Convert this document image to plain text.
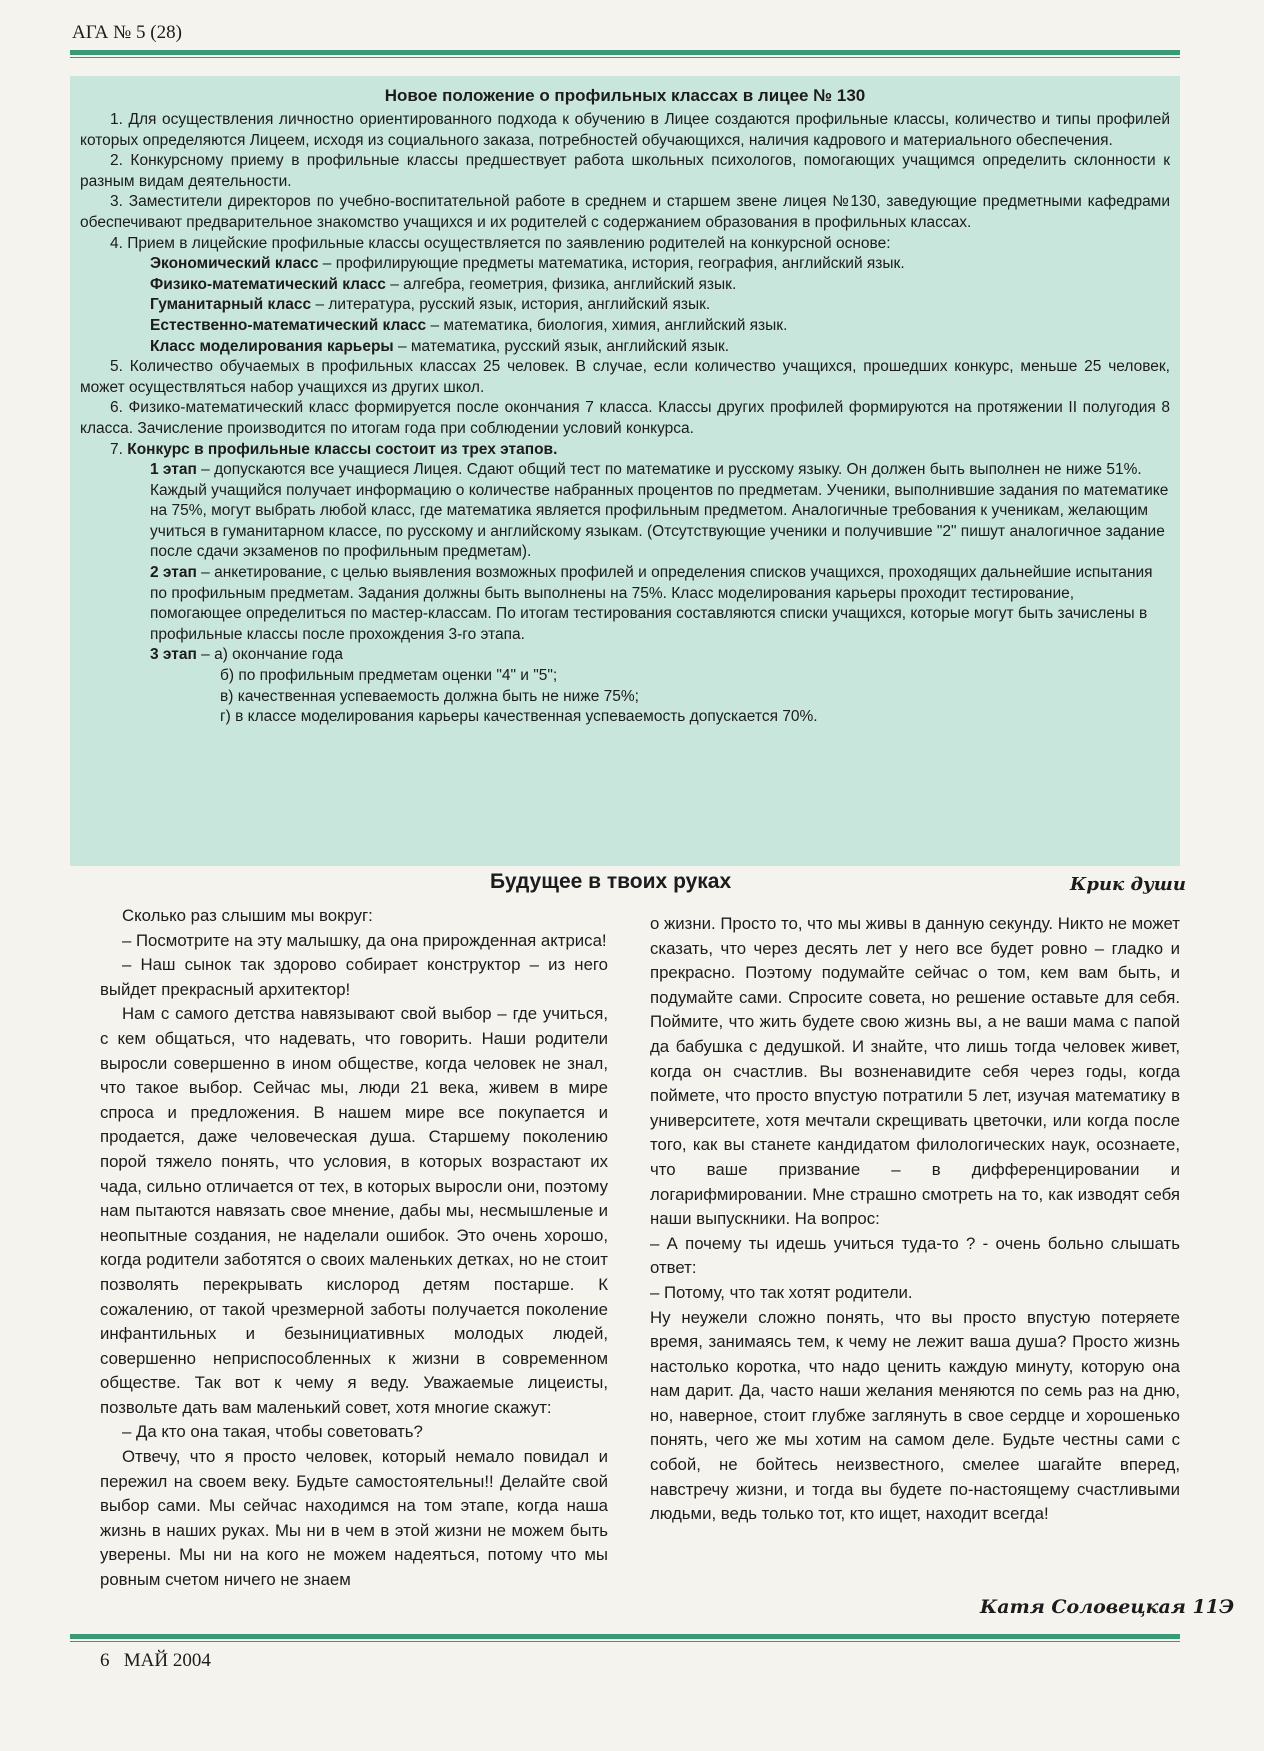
АГА № 5 (28)
Новое положение о профильных классах в лицее № 130

1. Для осуществления личностно ориентированного подхода к обучению в Лицее создаются профильные классы, количество и типы профилей которых определяются Лицеем, исходя из социального заказа, потребностей обучающихся, наличия кадрового и материального обеспечения.

2. Конкурсному приему в профильные классы предшествует работа школьных психологов, помогающих учащимся определить склонности к разным видам деятельности.

3. Заместители директоров по учебно-воспитательной работе в среднем и старшем звене лицея №130, заведующие предметными кафедрами обеспечивают предварительное знакомство учащихся и их родителей с содержанием образования в профильных классах.

4. Прием в лицейские профильные классы осуществляется по заявлению родителей на конкурсной основе:

Экономический класс – профилирующие предметы математика, история, география, английский язык.

Физико-математический класс – алгебра, геометрия, физика, английский язык.

Гуманитарный класс – литература, русский язык, история, английский язык.

Естественно-математический класс – математика, биология, химия, английский язык.

Класс моделирования карьеры – математика, русский язык, английский язык.

5. Количество обучаемых в профильных классах 25 человек. В случае, если количество учащихся, прошедших конкурс, меньше 25 человек, может осуществляться набор учащихся из других школ.

6. Физико-математический класс формируется после окончания 7 класса. Классы других профилей формируются на протяжении II полугодия 8 класса. Зачисление производится по итогам года при соблюдении условий конкурса.

7. Конкурс в профильные классы состоит из трех этапов.

1 этап – допускаются все учащиеся Лицея. Сдают общий тест по математике и русскому языку. Он должен быть выполнен не ниже 51%. Каждый учащийся получает информацию о количестве набранных процентов по предметам. Ученики, выполнившие задания по математике на 75%, могут выбрать любой класс, где математика является профильным предметом. Аналогичные требования к ученикам, желающим учиться в гуманитарном классе, по русскому и английскому языкам. (Отсутствующие ученики и получившие "2" пишут аналогичное задание после сдачи экзаменов по профильным предметам).

2 этап – анкетирование, с целью выявления возможных профилей и определения списков учащихся, проходящих дальнейшие испытания по профильным предметам. Задания должны быть выполнены на 75%. Класс моделирования карьеры проходит тестирование, помогающее определиться по мастер-классам. По итогам тестирования составляются списки учащихся, которые могут быть зачислены в профильные классы после прохождения 3-го этапа.

3 этап – а) окончание года

б) по профильным предметам оценки "4" и "5";

в) качественная успеваемость должна быть не ниже 75%;

г) в классе моделирования карьеры качественная успеваемость допускается 70%.

Будущее в твоих руках	Крик души

Сколько раз слышим мы вокруг:

– Посмотрите на эту малышку, да она прирожденная актриса!

– Наш сынок так здорово собирает конструктор – из него выйдет прекрасный архитектор!

Нам с самого детства навязывают свой выбор – где учиться, с кем общаться, что надевать, что говорить. Наши родители выросли совершенно в ином обществе, когда человек не знал, что такое выбор. Сейчас мы, люди 21 века, живем в мире спроса и предложения. В нашем мире все покупается и продается, даже человеческая душа. Старшему поколению порой тяжело понять, что условия, в которых возрастают их чада, сильно отличается от тех, в которых выросли они, поэтому нам пытаются навязать свое мнение, дабы мы, несмышленые и неопытные создания, не наделали ошибок. Это очень хорошо, когда родители заботятся о своих маленьких детках, но не стоит позволять перекрывать кислород детям постарше. К сожалению, от такой чрезмерной заботы получается поколение инфантильных и безынициативных молодых людей, совершенно неприспособленных к жизни в современном обществе. Так вот к чему я веду. Уважаемые лицеисты, позвольте дать вам маленький совет, хотя многие скажут:

– Да кто она такая, чтобы советовать?

Отвечу, что я просто человек, который немало повидал и пережил на своем веку. Будьте самостоятельны!! Делайте свой выбор сами. Мы сейчас находимся на том этапе, когда наша жизнь в наших руках. Мы ни в чем в этой жизни не можем быть уверены. Мы ни на кого не можем надеяться, потому что мы ровным счетом ничего не знаем

о жизни. Просто то, что мы живы в данную секунду. Никто не может сказать, что через десять лет у него все будет ровно – гладко и прекрасно. Поэтому подумайте сейчас о том, кем вам быть, и подумайте сами. Спросите совета, но решение оставьте для себя. Поймите, что жить будете свою жизнь вы, а не ваши мама с папой да бабушка с дедушкой. И знайте, что лишь тогда человек живет, когда он счастлив. Вы возненавидите себя через годы, когда поймете, что просто впустую потратили 5 лет, изучая математику в университете, хотя мечтали скрещивать цветочки, или когда после того, как вы станете кандидатом филологических наук, осознаете, что ваше призвание – в дифференцировании и логарифмировании. Мне страшно смотреть на то, как изводят себя наши выпускники. На вопрос:

– А почему ты идешь учиться туда-то ? - очень больно слышать ответ:

– Потому, что так хотят родители.

Ну неужели сложно понять, что вы просто впустую потеряете время, занимаясь тем, к чему не лежит ваша душа? Просто жизнь настолько коротка, что надо ценить каждую минуту, которую она нам дарит. Да, часто наши желания меняются по семь раз на дню, но, наверное, стоит глубже заглянуть в свое сердце и хорошенько понять, чего же мы хотим на самом деле. Будьте честны сами с собой, не бойтесь неизвестного, смелее шагайте вперед, навстречу жизни, и тогда вы будете по-настоящему счастливыми людьми, ведь только тот, кто ищет, находит всегда!

Катя Соловецкая 11Э
6   МАЙ 2004
